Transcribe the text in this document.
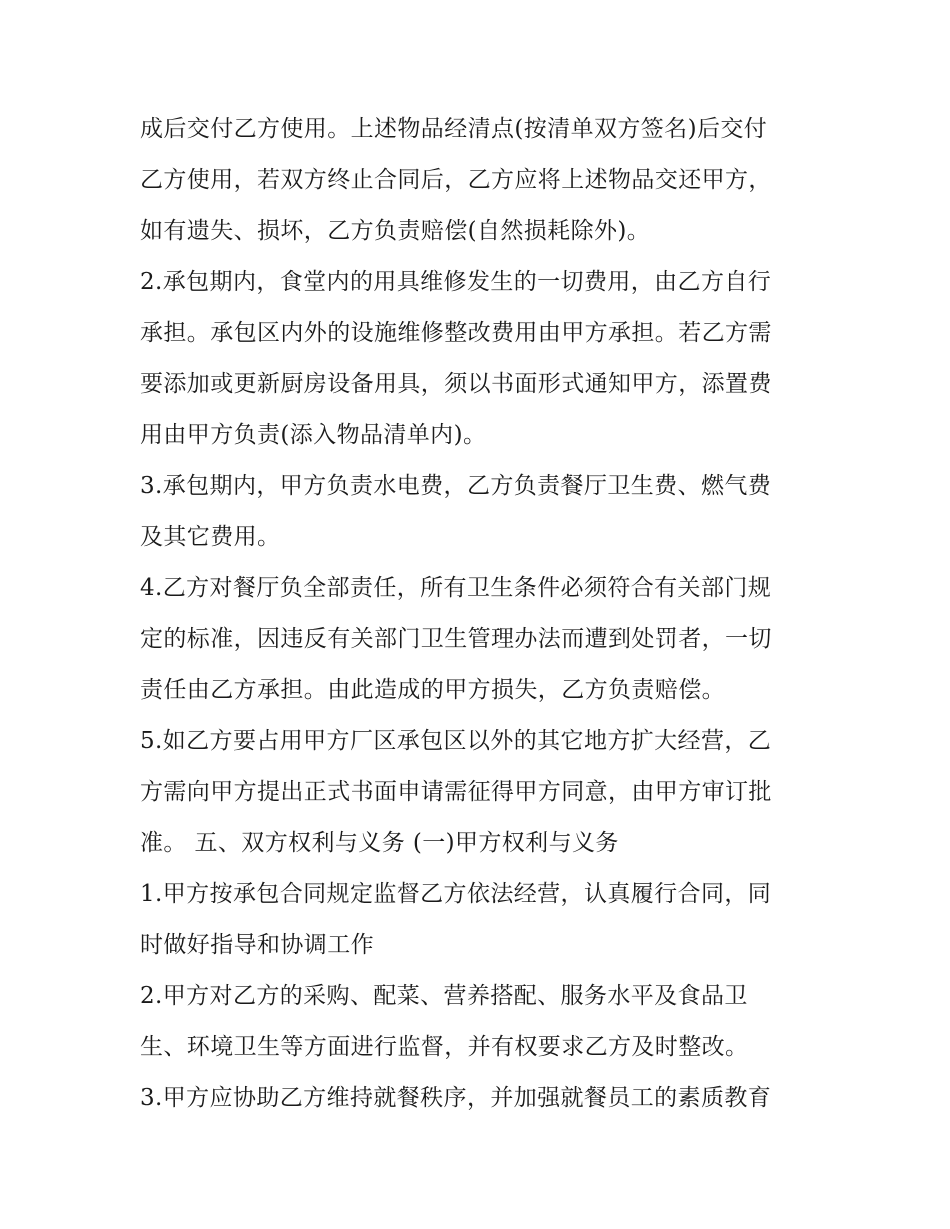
成后交付乙方使用。上述物品经清点(按清单双方签名)后交付
乙方使用，若双方终止合同后，乙方应将上述物品交还甲方，
如有遗失、损坏，乙方负责赔偿(自然损耗除外)。
2.承包期内，食堂内的用具维修发生的一切费用，由乙方自行
承担。承包区内外的设施维修整改费用由甲方承担。若乙方需
要添加或更新厨房设备用具，须以书面形式通知甲方，添置费
用由甲方负责(添入物品清单内)。
3.承包期内，甲方负责水电费，乙方负责餐厅卫生费、燃气费
及其它费用。
4.乙方对餐厅负全部责任，所有卫生条件必须符合有关部门规
定的标准，因违反有关部门卫生管理办法而遭到处罚者，一切
责任由乙方承担。由此造成的甲方损失，乙方负责赔偿。
5.如乙方要占用甲方厂区承包区以外的其它地方扩大经营，乙
方需向甲方提出正式书面申请需征得甲方同意，由甲方审订批
准。 五、双方权利与义务 (一)甲方权利与义务
1.甲方按承包合同规定监督乙方依法经营，认真履行合同，同
时做好指导和协调工作
2.甲方对乙方的采购、配菜、营养搭配、服务水平及食品卫
生、环境卫生等方面进行监督，并有权要求乙方及时整改。
3.甲方应协助乙方维持就餐秩序，并加强就餐员工的素质教育
